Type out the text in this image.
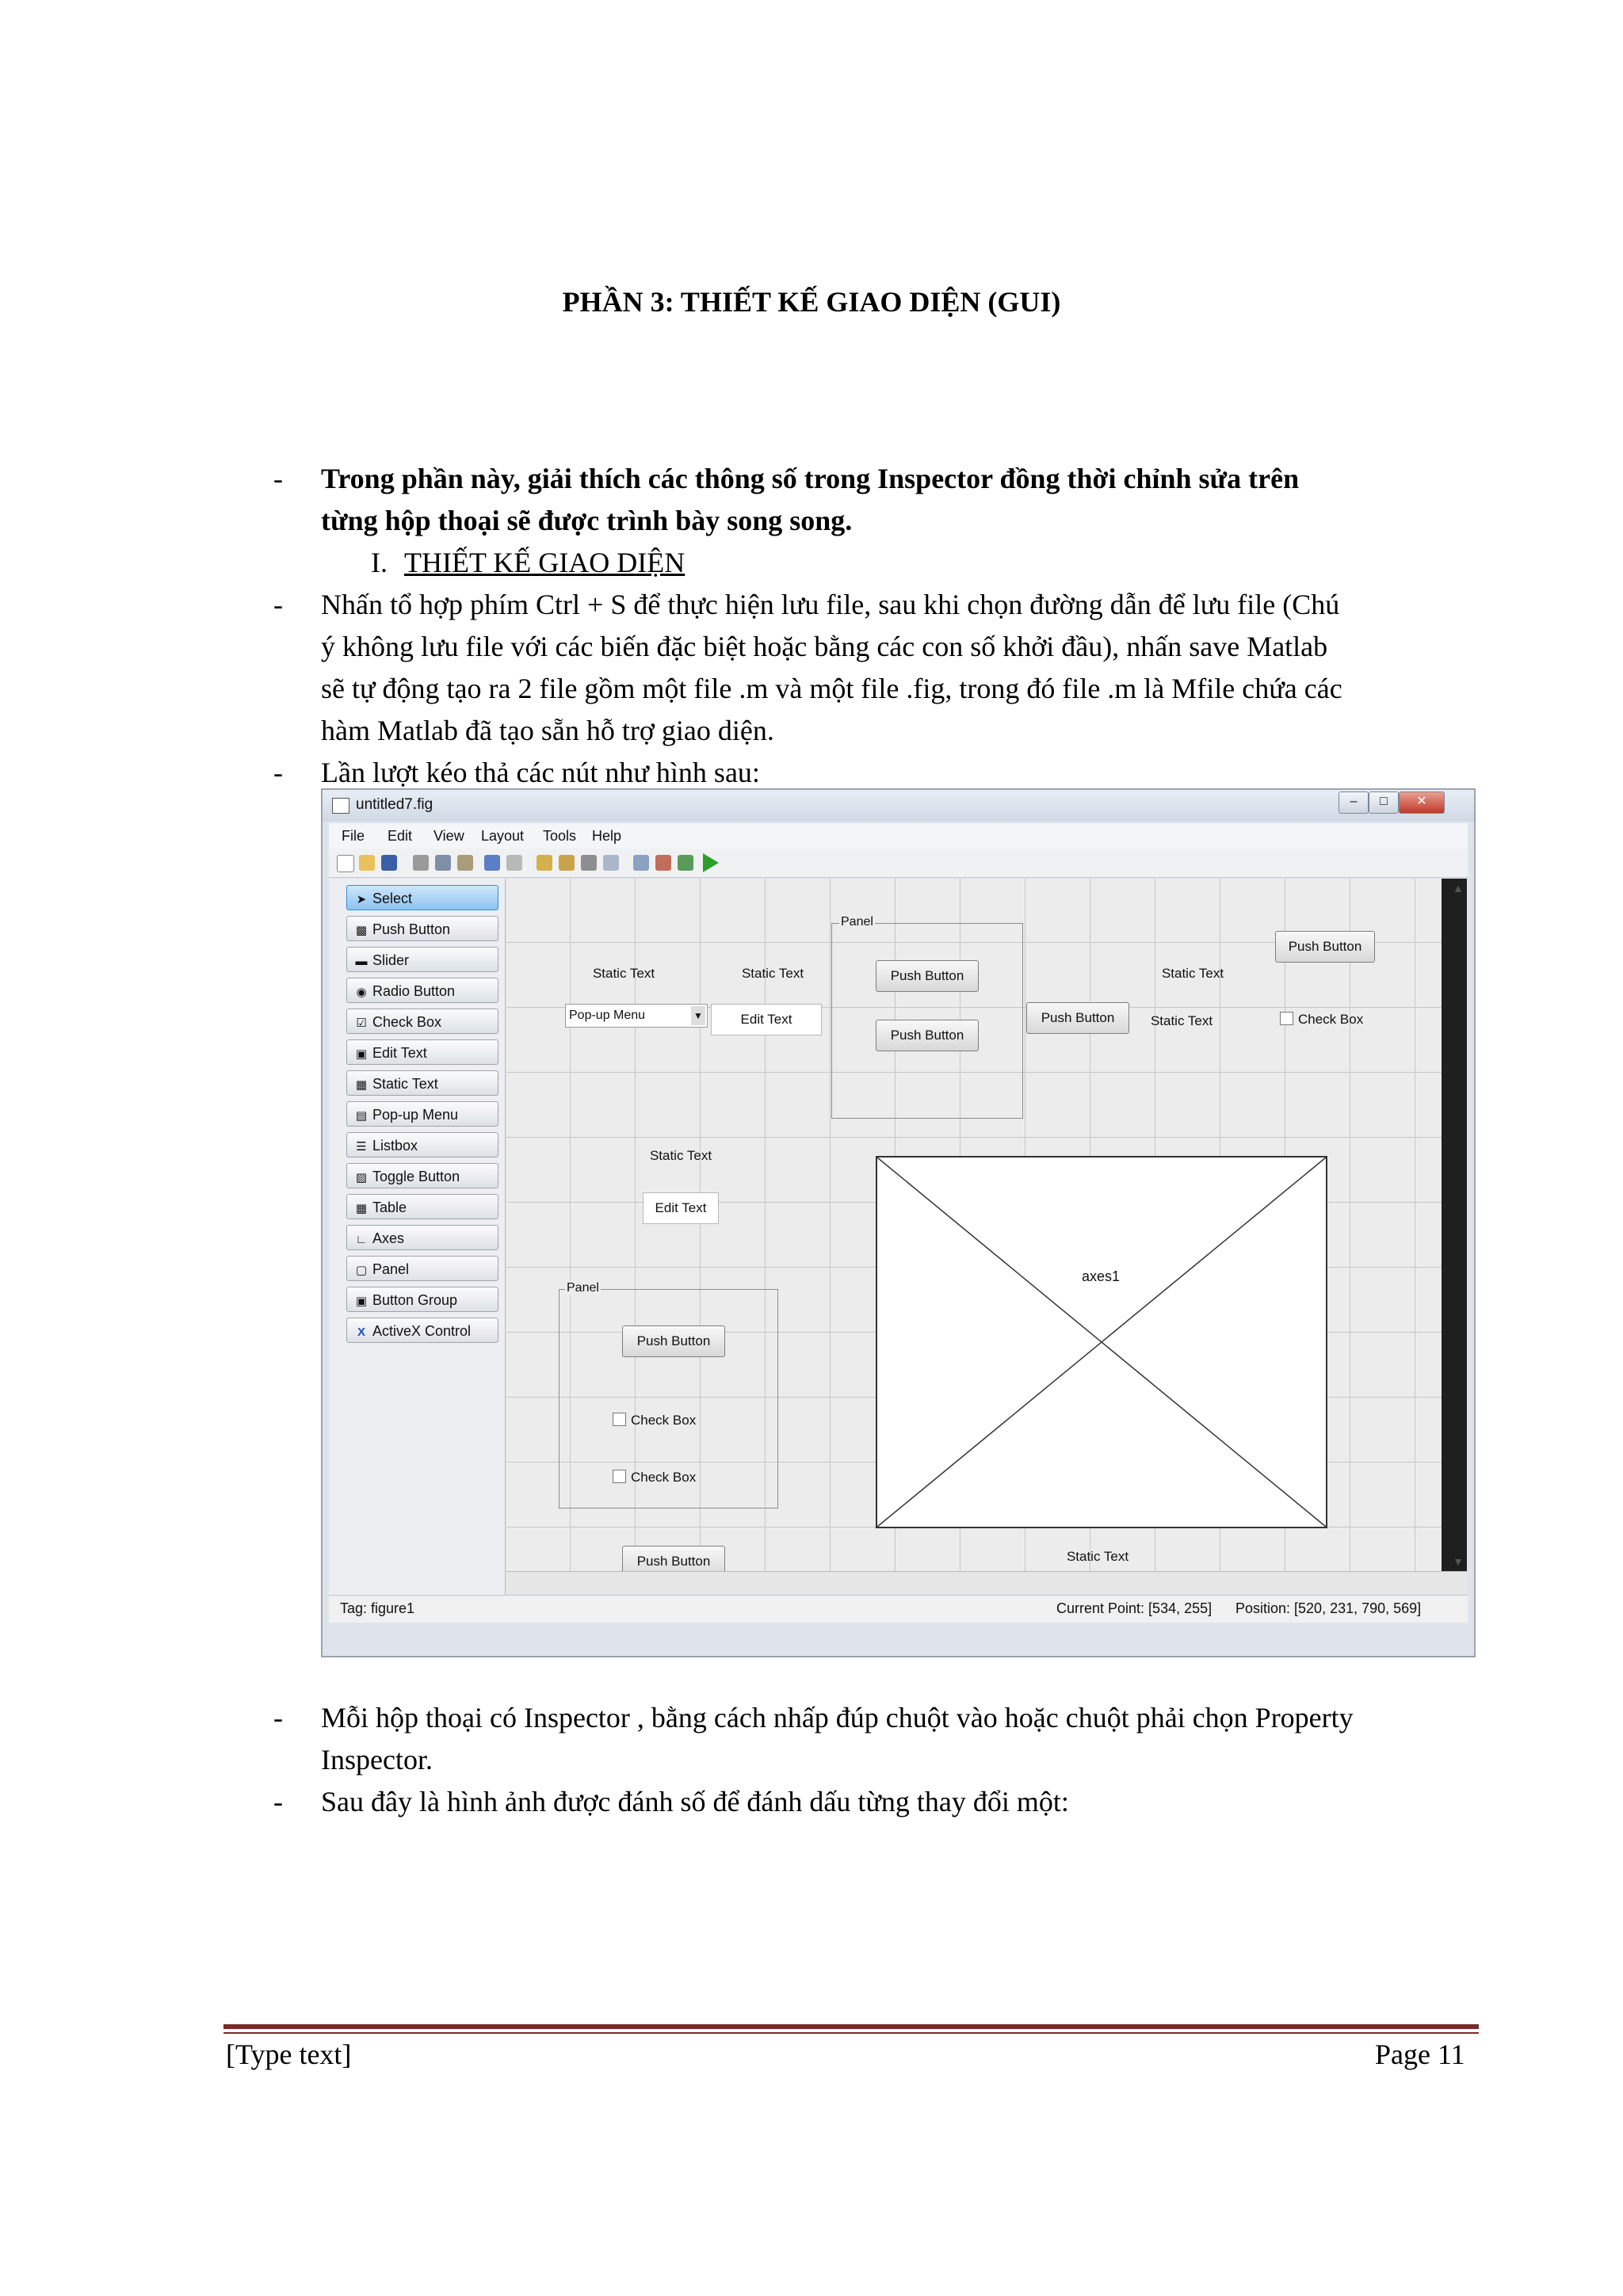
PHẦN 3: THIẾT KẾ GIAO DIỆN (GUI)
- Trong phần này, giải thích các thông số trong Inspector đồng thời chỉnh sửa trên
từng hộp thoại sẽ được trình bày song song.
I. THIẾT KẾ GIAO DIỆN
- Nhấn tổ hợp phím Ctrl + S để thực hiện lưu file, sau khi chọn đường dẫn để lưu file (Chú
ý không lưu file với các biến đặc biệt hoặc bằng các con số khởi đầu), nhấn save Matlab
sẽ tự động tạo ra 2 file gồm một file .m và một file .fig, trong đó file .m là Mfile chứa các
hàm Matlab đã tạo sẵn hỗ trợ giao diện.
- Lần lượt kéo thả các nút như hình sau:
untitled7.fig	–	□	✕
File Edit View Layout Tools Help
➤ Select
▩ Push Button
▬ Slider
◉ Radio Button
☑ Check Box
▣ Edit Text
▦ Static Text
▤ Pop-up Menu
☰ Listbox
▨ Toggle Button
▦ Table
∟ Axes
▢ Panel
▣ Button Group
X ActiveX Control
Static Text	Static Text
Pop-up Menu	▼	Edit Text
Panel
Push Button
Push Button
Push Button
Static Text
Static Text
Push Button
Check Box
Static Text
Edit Text
Panel
Push Button
Check Box
Check Box
Push Button
axes1
Static Text
▲
▼
Tag: figure1	Current Point: [534, 255] Position: [520, 231, 790, 569]
- Mỗi hộp thoại có Inspector , bằng cách nhấp đúp chuột vào hoặc chuột phải chọn Property
Inspector.
- Sau đây là hình ảnh được đánh số để đánh dấu từng thay đổi một:
[Type text]	Page 11
